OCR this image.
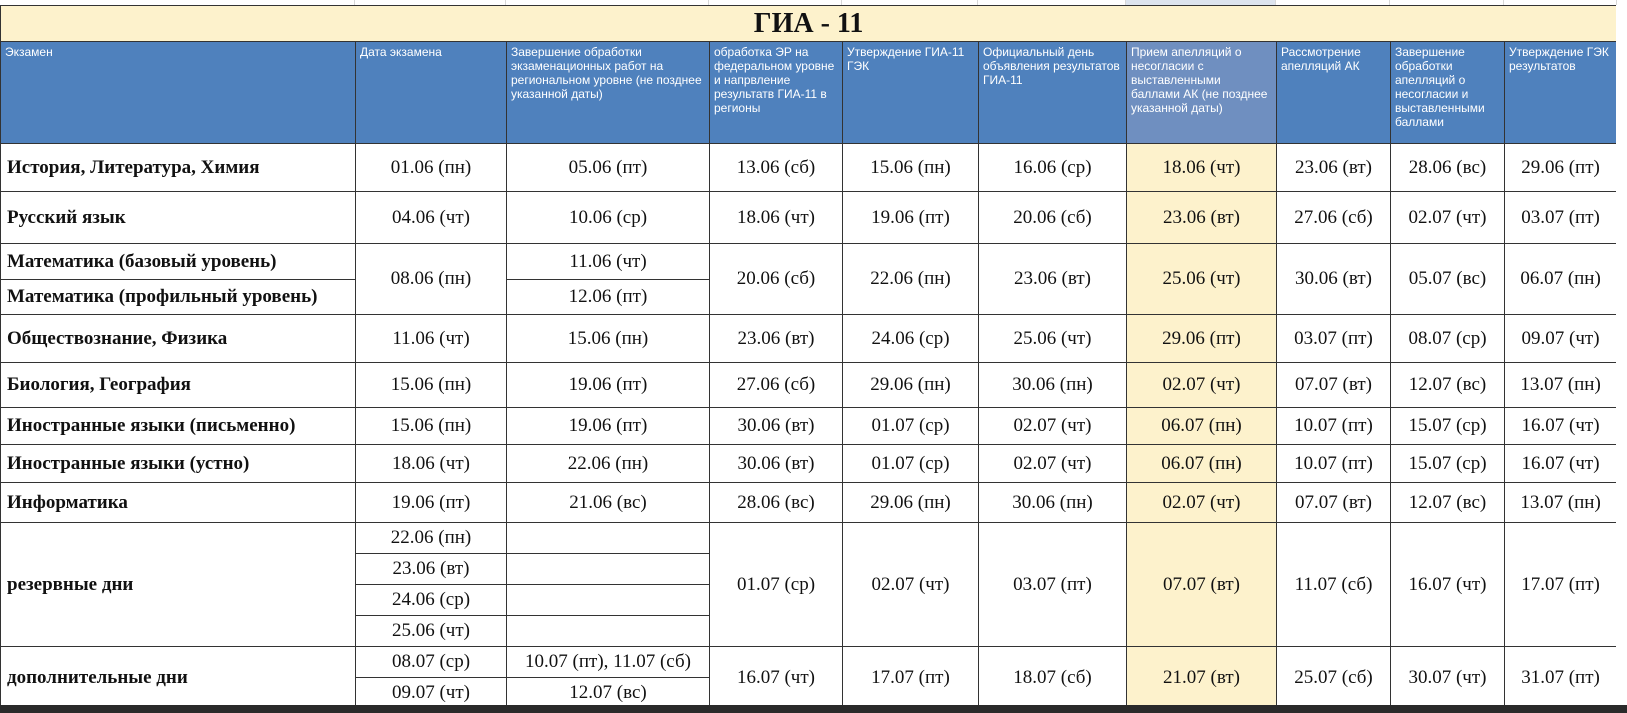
ГИА - 11									
Экзамен	Дата экзамена	Завершение обработки экзаменационных работ на региональном уровне (не позднее указанной даты)	обработка ЭР на федеральном уровне и напрвление результатв ГИА-11 в регионы	Утверждение ГИА-11 ГЭК	Официальный день объявления результатов ГИА-11	Прием апелляций о несогласии с выставленными баллами АК (не позднее указанной даты)	Рассмотрение апелляций АК	Завершение обработки апелляций о несогласии и выставленными баллами	Утверждение ГЭК результатов
История, Литература, Химия	01.06 (пн)	05.06 (пт)	13.06 (сб)	15.06 (пн)	16.06 (ср)	18.06 (чт)	23.06 (вт)	28.06 (вс)	29.06 (пт)
Русский язык	04.06 (чт)	10.06 (ср)	18.06 (чт)	19.06 (пт)	20.06 (сб)	23.06 (вт)	27.06 (сб)	02.07 (чт)	03.07 (пт)
Математика (базовый уровень)	08.06 (пн)	11.06 (чт)	20.06 (сб)	22.06 (пн)	23.06 (вт)	25.06 (чт)	30.06 (вт)	05.07 (вс)	06.07 (пн)
Математика (профильный уровень)		12.06 (пт)							
Обществознание, Физика	11.06 (чт)	15.06 (пн)	23.06 (вт)	24.06 (ср)	25.06 (чт)	29.06 (пт)	03.07 (пт)	08.07 (ср)	09.07 (чт)
Биология, География	15.06 (пн)	19.06 (пт)	27.06 (сб)	29.06 (пн)	30.06 (пн)	02.07 (чт)	07.07 (вт)	12.07 (вс)	13.07 (пн)
Иностранные языки (письменно)	15.06 (пн)	19.06 (пт)	30.06 (вт)	01.07 (ср)	02.07 (чт)	06.07 (пн)	10.07 (пт)	15.07 (ср)	16.07 (чт)
Иностранные языки (устно)	18.06 (чт)	22.06 (пн)	30.06 (вт)	01.07 (ср)	02.07 (чт)	06.07 (пн)	10.07 (пт)	15.07 (ср)	16.07 (чт)
Информатика	19.06 (пт)	21.06 (вс)	28.06 (вс)	29.06 (пн)	30.06 (пн)	02.07 (чт)	07.07 (вт)	12.07 (вс)	13.07 (пн)
резервные дни	22.06 (пн)		01.07 (ср)	02.07 (чт)	03.07 (пт)	07.07 (вт)	11.07 (сб)	16.07 (чт)	17.07 (пт)
	23.06 (вт)								
	24.06 (ср)								
	25.06 (чт)								
дополнительные дни	08.07 (ср)	10.07 (пт), 11.07 (сб)	16.07 (чт)	17.07 (пт)	18.07 (сб)	21.07 (вт)	25.07 (сб)	30.07 (чт)	31.07 (пт)
	09.07 (чт)	12.07 (вс)							
